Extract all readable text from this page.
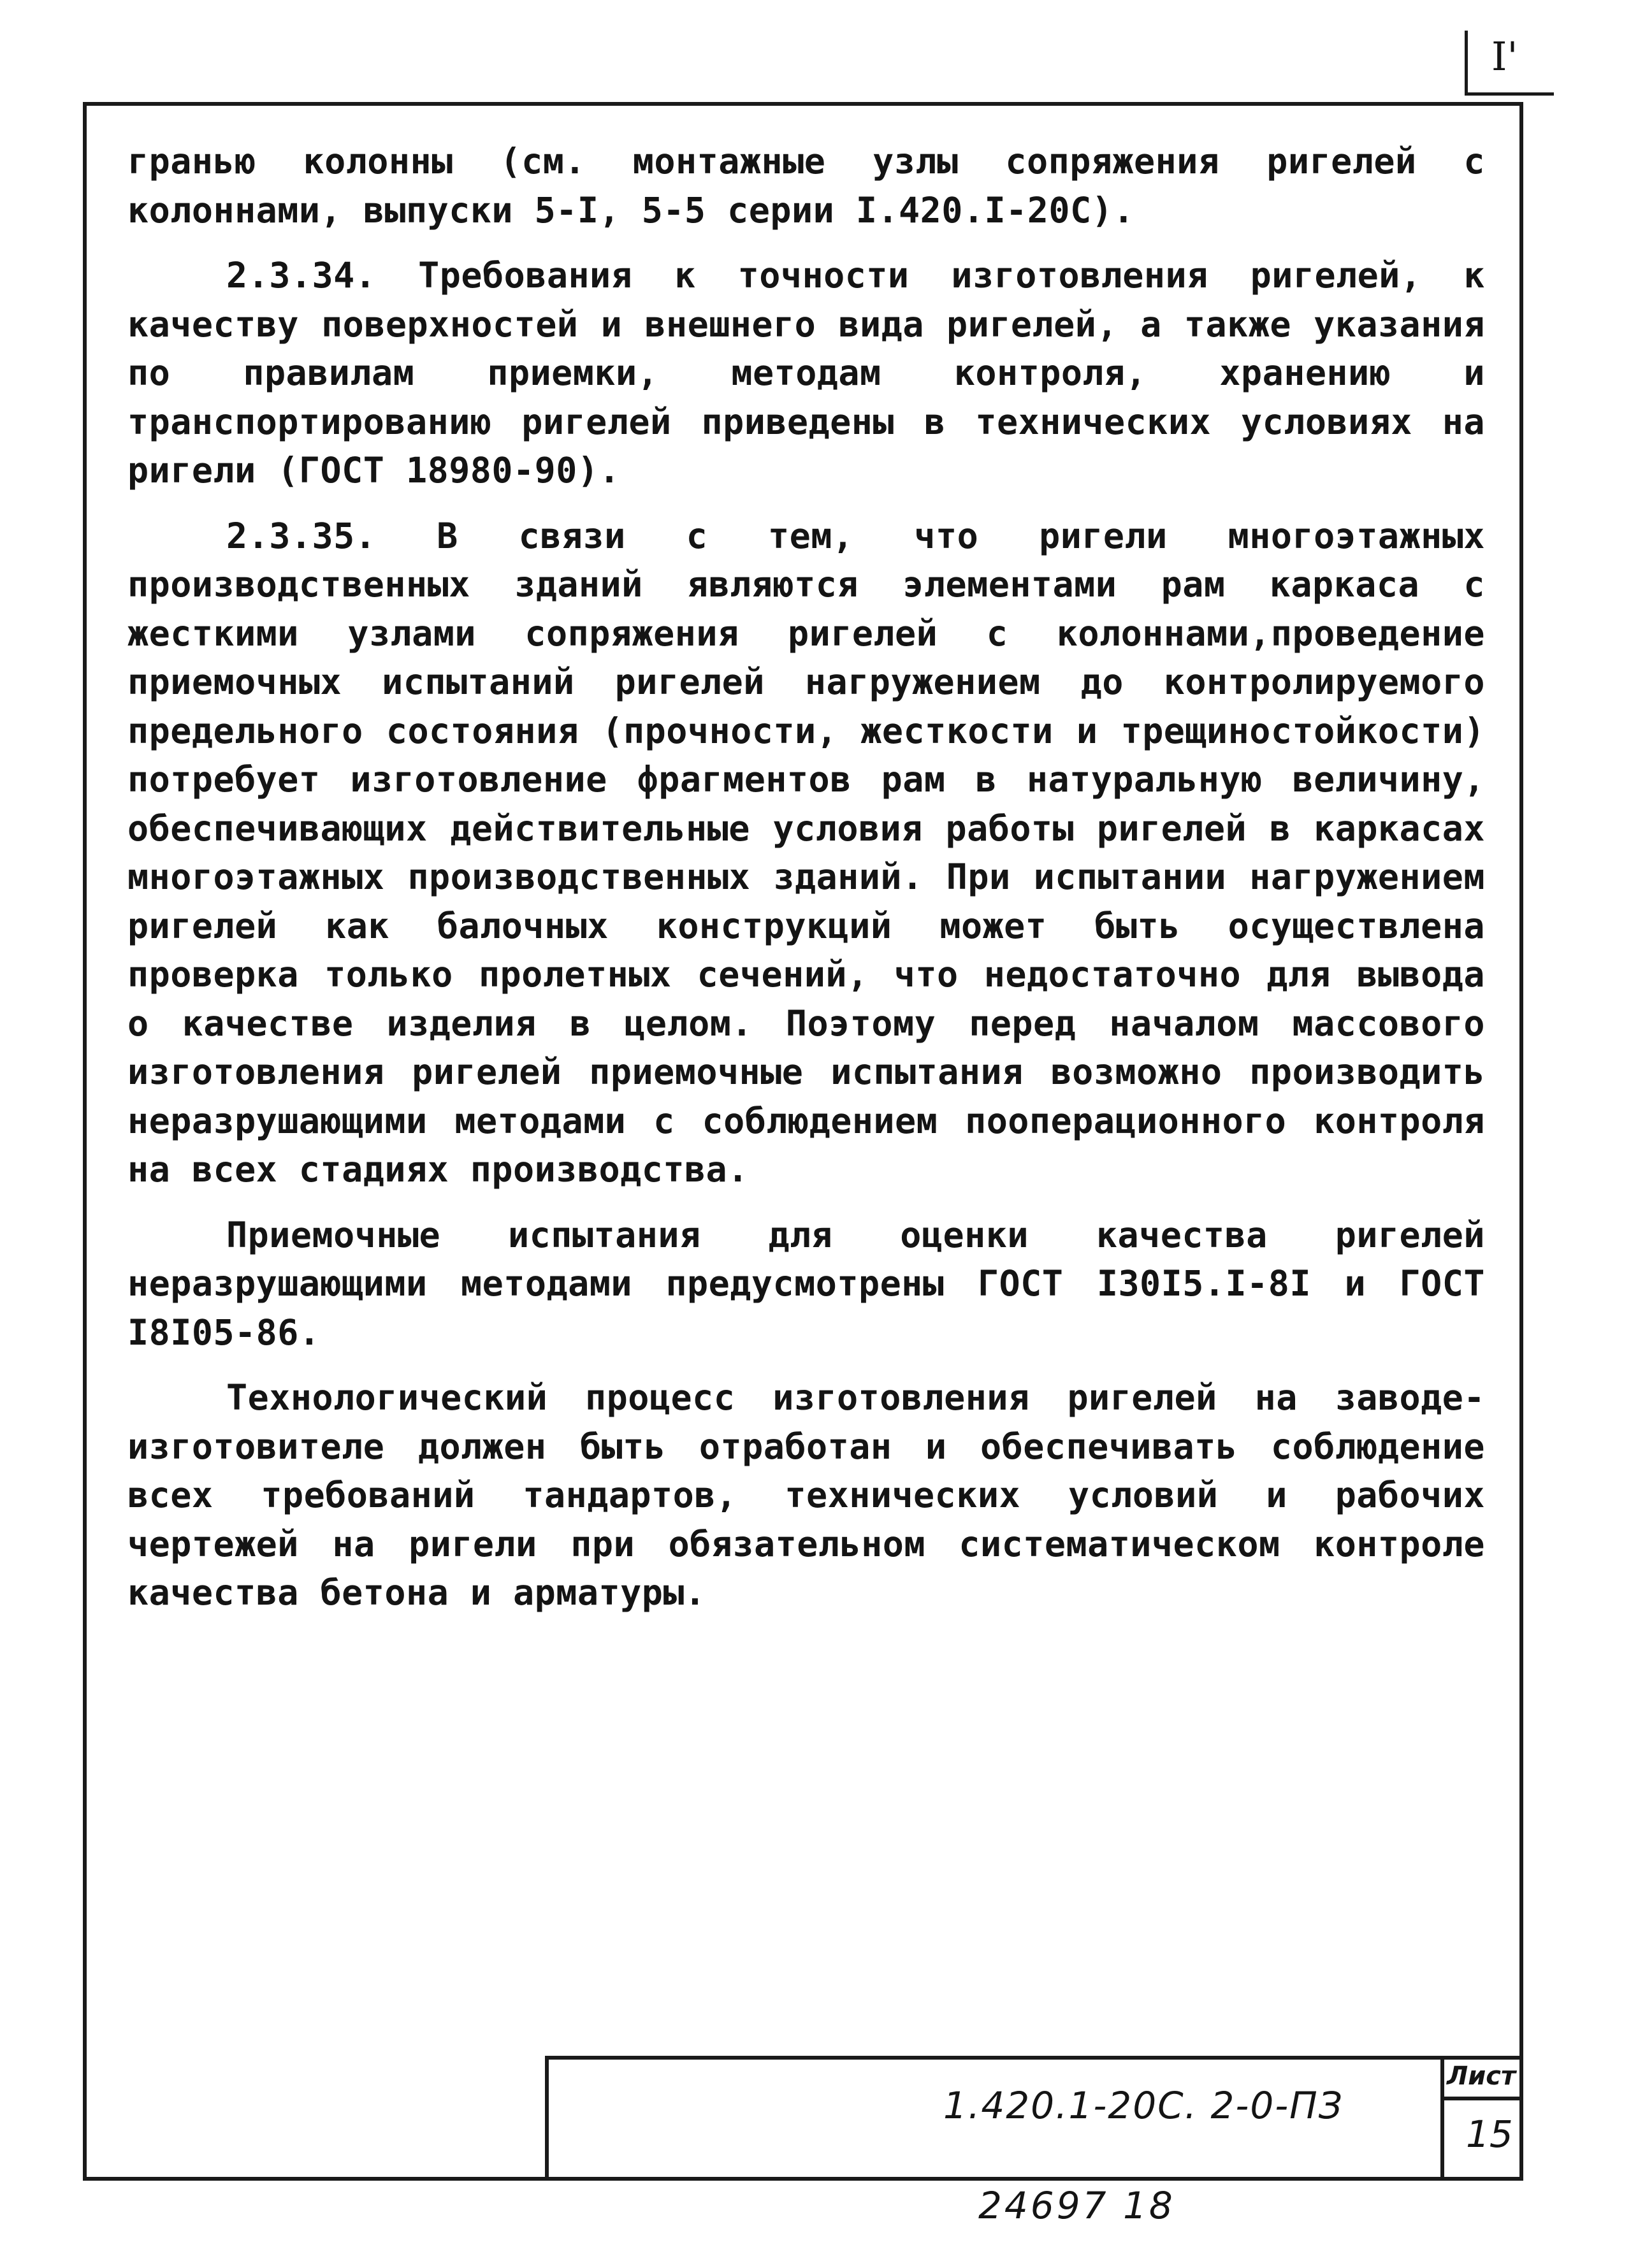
I'

гранью колонны (см. монтажные узлы сопряжения ригелей с колоннами, выпуски 5-I, 5-5 серии I.420.I-20С).

2.3.34. Требования к точности изготовления ригелей, к качеству поверхностей и внешнего вида ригелей, а также указания по правилам приемки, методам контроля, хранению и транспортированию ригелей приведены в технических условиях на ригели (ГОСТ 18980-90).

2.3.35. В связи с тем, что ригели многоэтажных производственных зданий являются элементами рам каркаса с жесткими узлами сопряжения ригелей с колоннами,проведение приемочных испытаний ригелей нагружением до контролируемого предельного состояния (прочности, жесткости и трещиностойкости) потребует изготовление фрагментов рам в натуральную величину, обеспечивающих действительные условия работы ригелей в каркасах многоэтажных производственных зданий. При испытании нагружением ригелей как балочных конструкций может быть осуществлена проверка только пролетных сечений, что недостаточно для вывода о качестве изделия в целом. Поэтому перед началом массового изготовления ригелей приемочные испытания возможно производить неразрушающими методами с соблюдением пооперационного контроля на всех стадиях производства.

Приемочные испытания для оценки качества ригелей неразрушающими методами предусмотрены ГОСТ I30I5.I-8I и ГОСТ I8I05-86.

Технологический процесс изготовления ригелей на заводе-изготовителе должен быть отработан и обеспечивать соблюдение всех требований тандартов, технических условий и рабочих чертежей на ригели при обязательном систематическом контроле качества бетона и арматуры.

1.420.1-20С. 2-0-ПЗ
Лист
15
24697 18
